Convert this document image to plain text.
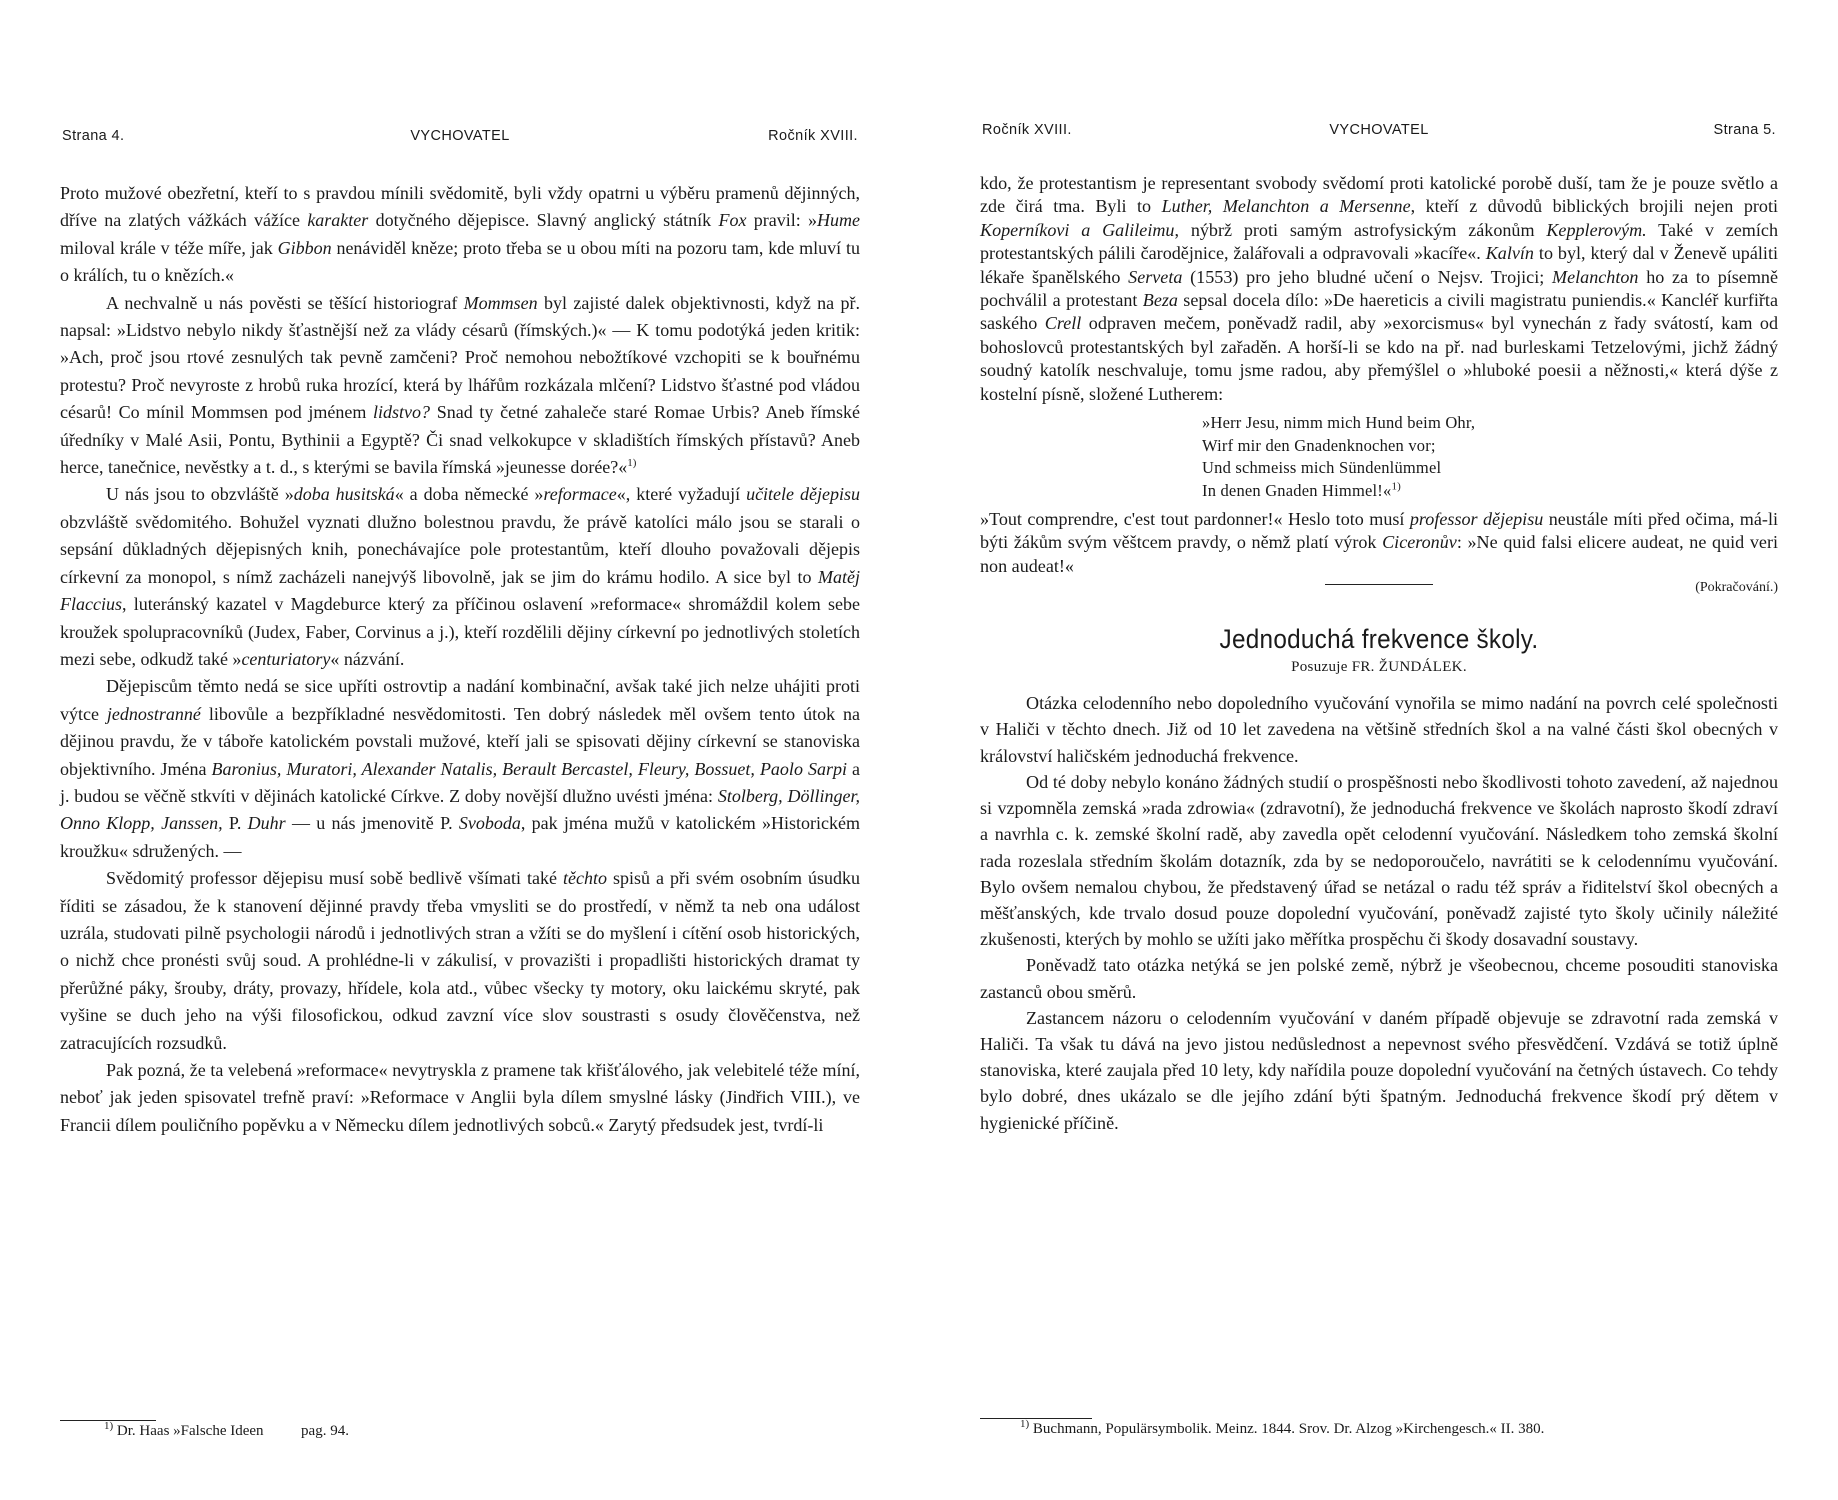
Strana 4.	VYCHOVATEL	Ročník XVIII.

Proto mužové obezřetní, kteří to s pravdou mínili svědomitě, byli vždy opatrni u výběru pramenů dějinných, dříve na zlatých vážkách vážíce karakter dotyčného dějepisce. Slavný anglický státník Fox pravil: »Hume miloval krále v téže míře, jak Gibbon nenáviděl kněze; proto třeba se u obou míti na pozoru tam, kde mluví tu o králích, tu o knězích.«

A nechvalně u nás pověsti se těšící historiograf Mommsen byl zajisté dalek objektivnosti, když na př. napsal: »Lidstvo nebylo nikdy šťastnější než za vlády césarů (římských.)« — K tomu podotýká jeden kritik: »Ach, proč jsou rtové zesnulých tak pevně zamčeni? Proč nemohou nebožtíkové vzchopiti se k bouřnému protestu? Proč nevyroste z hrobů ruka hrozící, která by lhářům rozkázala mlčení? Lidstvo šťastné pod vládou césarů! Co mínil Mommsen pod jménem lidstvo? Snad ty četné zahaleče staré Romae Urbis? Aneb římské úředníky v Malé Asii, Pontu, Bythinii a Egyptě? Či snad velkokupce v skladištích římských přístavů? Aneb herce, tanečnice, nevěstky a t. d., s kterými se bavila římská »jeunesse dorée?«$^{1)}$

U nás jsou to obzvláště »doba husitská« a doba německé »reformace«, které vyžadují učitele dějepisu obzvláště svědomitého. Bohužel vyznati dlužno bolestnou pravdu, že právě katolíci málo jsou se starali o sepsání důkladných dějepisných knih, ponechávajíce pole protestantům, kteří dlouho považovali dějepis církevní za monopol, s nímž zacházeli nanejvýš libovolně, jak se jim do krámu hodilo. A sice byl to Matěj Flaccius, luteránský kazatel v Magdeburce který za příčinou oslavení »reformace« shromáždil kolem sebe kroužek spolupracovníků (Judex, Faber, Corvinus a j.), kteří rozdělili dějiny církevní po jednotlivých stoletích mezi sebe, odkudž také »centuriatory« názvání.

Dějepiscům těmto nedá se sice upříti ostrovtip a nadání kombinační, avšak také jich nelze uhájiti proti výtce jednostranné libovůle a bezpříkladné nesvědomitosti. Ten dobrý následek měl ovšem tento útok na dějinou pravdu, že v táboře katolickém povstali mužové, kteří jali se spisovati dějiny církevní se stanoviska objektivního. Jména Baronius, Muratori, Alexander Natalis, Berault Bercastel, Fleury, Bossuet, Paolo Sarpi a j. budou se věčně stkvíti v dějinách katolické Církve. Z doby novější dlužno uvésti jména: Stolberg, Döllinger, Onno Klopp, Janssen, P. Duhr — u nás jmenovitě P. Svoboda, pak jména mužů v katolickém »Historickém kroužku« sdružených. —

Svědomitý professor dějepisu musí sobě bedlivě všímati také těchto spisů a při svém osobním úsudku říditi se zásadou, že k stanovení dějinné pravdy třeba vmysliti se do prostředí, v němž ta neb ona událost uzrála, studovati pilně psychologii národů i jednotlivých stran a vžíti se do myšlení i cítění osob historických, o nichž chce pronésti svůj soud. A prohlédne-li v zákulisí, v provazišti i propadlišti historických dramat ty přerůžné páky, šrouby, dráty, provazy, hřídele, kola atd., vůbec všecky ty motory, oku laickému skryté, pak vyšine se duch jeho na výši filosofickou, odkud zavzní více slov soustrasti s osudy člověčenstva, než zatracujících rozsudků.

Pak pozná, že ta velebená »reformace« nevytryskla z pramene tak křišťálového, jak velebitelé téže míní, neboť jak jeden spisovatel trefně praví: »Reformace v Anglii byla dílem smyslné lásky (Jindřich VIII.), ve Francii dílem pouličního popěvku a v Německu dílem jednotlivých sobců.« Zarytý předsudek jest, tvrdí-li

$^{1)}$ Dr. Haas »Falsche Ideen          pag. 94.
Ročník XVIII.	VYCHOVATEL	Strana 5.

kdo, že protestantism je representant svobody svědomí proti katolické porobě duší, tam že je pouze světlo a zde čirá tma. Byli to Luther, Melanchton a Mersenne, kteří z důvodů biblických brojili nejen proti Koperníkovi a Galileimu, nýbrž proti samým astrofysickým zákonům Kepplerovým. Také v zemích protestantských pálili čarodějnice, žalářovali a odpravovali »kacíře«. Kalvín to byl, který dal v Ženevě upáliti lékaře španělského Serveta (1553) pro jeho bludné učení o Nejsv. Trojici; Melanchton ho za to písemně pochválil a protestant Beza sepsal docela dílo: »De haereticis a civili magistratu puniendis.« Kancléř kurfiřta saského Crell odpraven mečem, poněvadž radil, aby »exorcismus« byl vynechán z řady svátostí, kam od bohoslovců protestantských byl zařaděn. A horší-li se kdo na př. nad burleskami Tetzelovými, jichž žádný soudný katolík neschvaluje, tomu jsme radou, aby přemýšlel o »hluboké poesii a něžnosti,« která dýše z kostelní písně, složené Lutherem:

»Herr Jesu, nimm mich Hund beim Ohr,
Wirf mir den Gnadenknochen vor;
Und schmeiss mich Sündenlümmel
In denen Gnaden Himmel!«$^{1)}$

»Tout comprendre, c'est tout pardonner!« Heslo toto musí professor dějepisu neustále míti před očima, má-li býti žákům svým věštcem pravdy, o němž platí výrok Ciceronův: »Ne quid falsi elicere audeat, ne quid veri non audeat!«

(Pokračování.)
Jednoduchá frekvence školy.
Posuzuje FR. ŽUNDÁLEK.

Otázka celodenního nebo dopoledního vyučování vynořila se mimo nadání na povrch celé společnosti v Haliči v těchto dnech. Již od 10 let zavedena na většině středních škol a na valné části škol obecných v království haličském jednoduchá frekvence.

Od té doby nebylo konáno žádných studií o prospěšnosti nebo škodlivosti tohoto zavedení, až najednou si vzpomněla zemská »rada zdrowia« (zdravotní), že jednoduchá frekvence ve školách naprosto škodí zdraví a navrhla c. k. zemské školní radě, aby zavedla opět celodenní vyučování. Následkem toho zemská školní rada rozeslala středním školám dotazník, zda by se nedoporoučelo, navrátiti se k celodennímu vyučování. Bylo ovšem nemalou chybou, že představený úřad se netázal o radu též správ a řiditelství škol obecných a měšťanských, kde trvalo dosud pouze dopolední vyučování, poněvadž zajisté tyto školy učinily náležité zkušenosti, kterých by mohlo se užíti jako měřítka prospěchu či škody dosavadní soustavy.

Poněvadž tato otázka netýká se jen polské země, nýbrž je všeobecnou, chceme posouditi stanoviska zastanců obou směrů.

Zastancem názoru o celodenním vyučování v daném případě objevuje se zdravotní rada zemská v Haliči. Ta však tu dává na jevo jistou nedůslednost a nepevnost svého přesvědčení. Vzdává se totiž úplně stanoviska, které zaujala před 10 lety, kdy nařídila pouze dopolední vyučování na četných ústavech. Co tehdy bylo dobré, dnes ukázalo se dle jejího zdání býti špatným. Jednoduchá frekvence škodí prý dětem v hygienické příčině.

$^{1)}$ Buchmann, Populärsymbolik. Meinz. 1844. Srov. Dr. Alzog »Kirchengesch.« II. 380.
